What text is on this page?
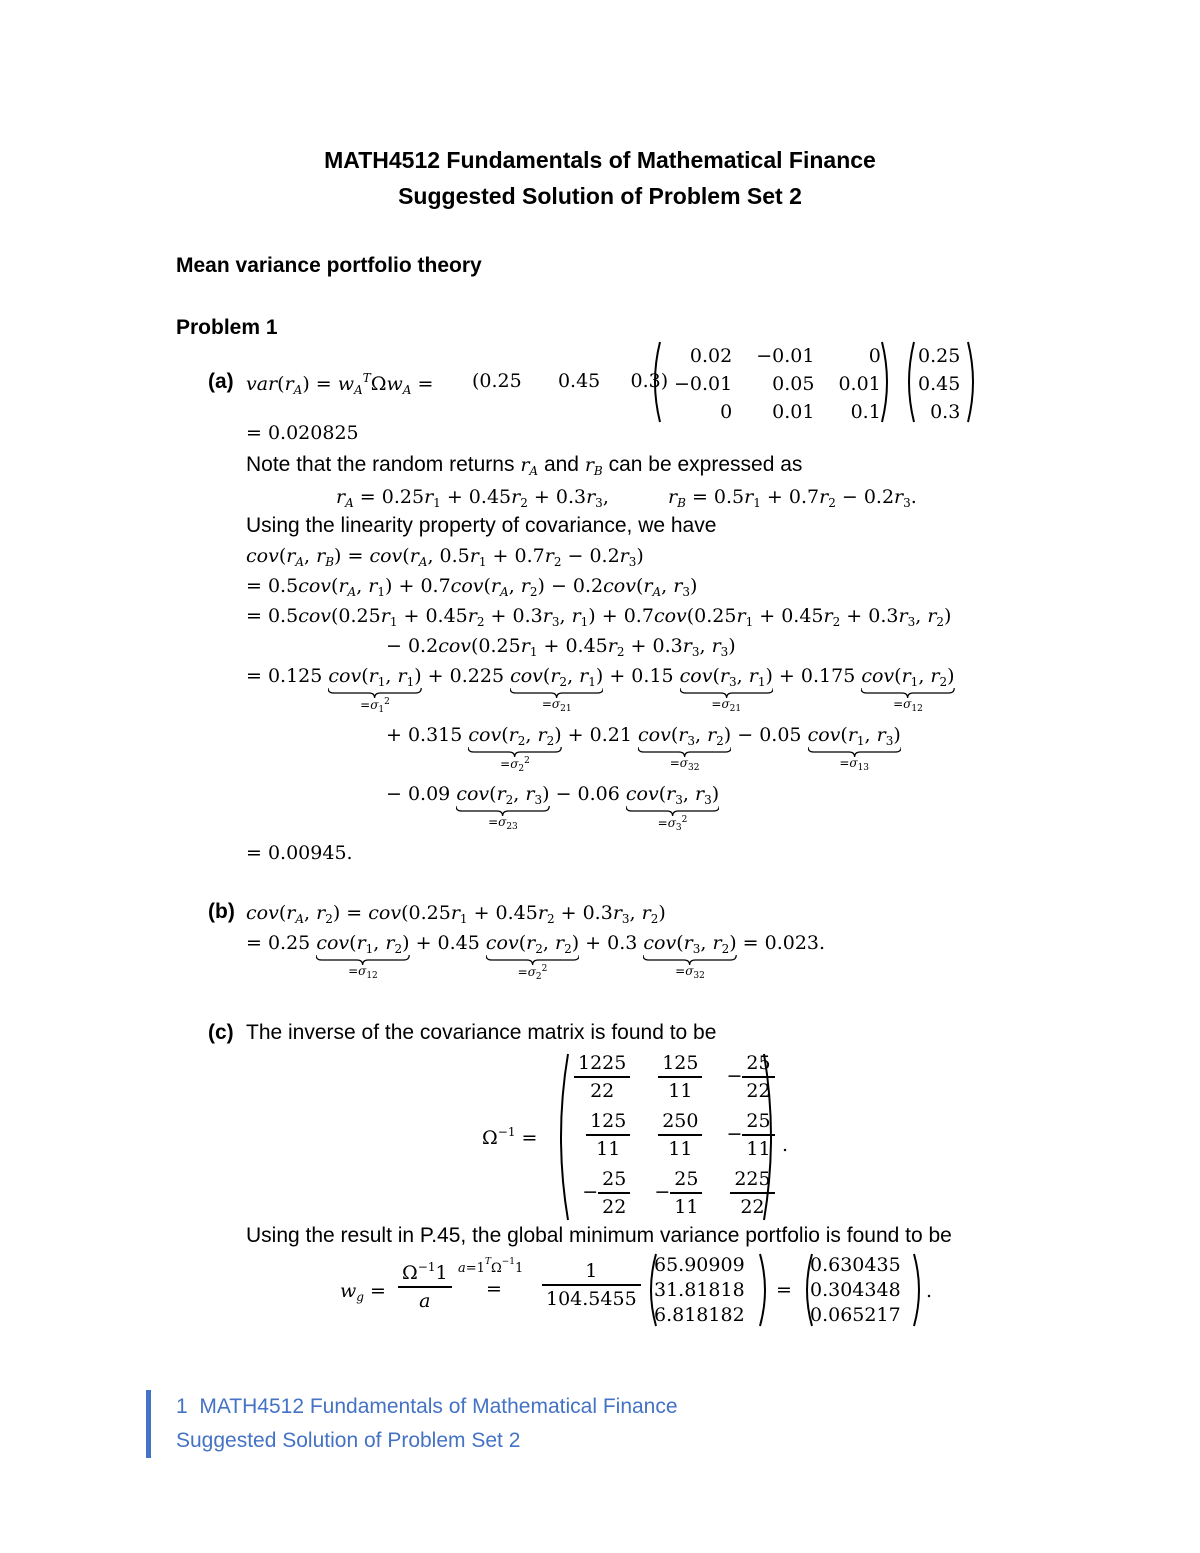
MATH4512 Fundamentals of Mathematical Finance
Suggested Solution of Problem Set 2
Mean variance portfolio theory
Problem 1
(a) $var(r_A) = w_A^T\Omega w_A = (0.25$ 0.45 0.3)
0.02	−0.01	0
−0.01	0.05	0.01
0	0.01	0.1
0.25
0.45
0.3
= 0.020825
Note that the random returns $r_A$ and $r_B$ can be expressed as
$r_A = 0.25r_1 + 0.45r_2 + 0.3r_3$,	$r_B = 0.5r_1 + 0.7r_2 - 0.2r_3$.
Using the linearity property of covariance, we have
$cov(r_A$, $r_B) = cov(r_A$, $0.5r_1 + 0.7r_2 - 0.2r_3$)
= $0.5cov(r_A$, $r_1) + 0.7cov(r_A$, $r_2) - 0.2cov(r_A$, $r_3$)
= $0.5cov(0.25r_1 + 0.45r_2 + 0.3r_3$, $r_1) + 0.7cov(0.25r_1 + 0.45r_2 + 0.3r_3$, $r_2$)
− $0.2cov(0.25r_1 + 0.45r_2 + 0.3r_3$, $r_3$)
= 0.125 $cov(r_1$, $r_1$)
$=\sigma_1^2$
+ 0.225 $cov(r_2$, $r_1$)
$=\sigma_{21}$
+ 0.15 $cov(r_3$, $r_1$)
$=\sigma_{21}$
+ 0.175 $cov(r_1$, $r_2$)
$=\sigma_{12}$
+ 0.315 $cov(r_2$, $r_2$)
$=\sigma_2^2$
+ 0.21 $cov(r_3$, $r_2$)
$=\sigma_{32}$
− 0.05 $cov(r_1$, $r_3$)
$=\sigma_{13}$
− 0.09 $cov(r_2$, $r_3$)
$=\sigma_{23}$
− 0.06 $cov(r_3$, $r_3$)
$=\sigma_3^2$
= 0.00945.
(b) $cov(r_A$, $r_2) = cov(0.25r_1 + 0.45r_2 + 0.3r_3$, $r_2$)
= 0.25 $cov(r_1$, $r_2$)
$=\sigma_{12}$
+ 0.45 $cov(r_2$, $r_2$)
$=\sigma_2^2$
+ 0.3 $cov(r_3$, $r_2$)
$=\sigma_{32}$
= 0.023.
(c) The inverse of the covariance matrix is found to be
$\Omega^{-1}$ =
$\frac{1225}{22}$	$\frac{125}{11}$	− $\frac{25}{22}$

$\frac{125}{11}$	$\frac{250}{11}$	− $\frac{25}{11}$

− $\frac{25}{22}$	− $\frac{25}{11}$	$\frac{225}{22}$
.
Using the result in P.45, the global minimum variance portfolio is found to be
$w_g = \frac{\Omega^{-1}1}{a} a=1^T\Omega^{-1}1$
= $\frac{1}{104.5455} 65.90909$
31.81818
6.818182
=
0.630435
0.304348
0.065217
.
1 MATH4512 Fundamentals of Mathematical Finance
Suggested Solution of Problem Set 2
